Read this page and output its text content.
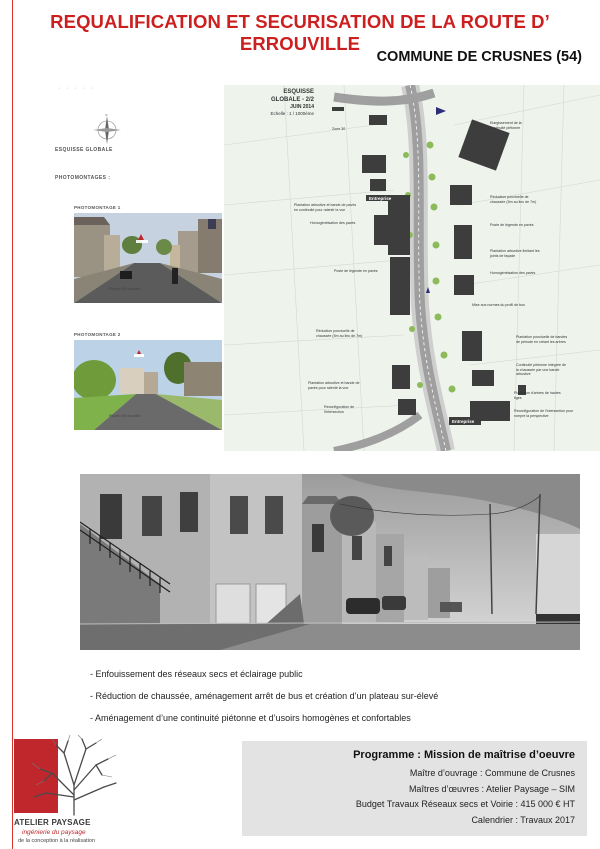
REQUALIFICATION ET SECURISATION DE LA ROUTE D’ ERROUVILLE
COMMUNE DE CRUSNES (54)
· · · · ·
N
ESQUISSE GLOBALE
PHOTOMONTAGES :
PHOTOMONTAGE 1
Route d'Errouville
PHOTOMONTAGE 2
Route d'Errouville
ESQUISSE GLOBALE - 2/2
JUIN 2014
Echelle : 1 / 1000ème
Entreprise
Entreprise
Elargissement de la continuité piétonne
Zone 30
Plantation arbustive et bande de pavés en continuité pour ralentir la vue
Homogénéisation des pavés
Réduction ponctuelle de chaussée (5m au lieu de 7m)
Poste de légende en pavés
Plantation arbustive limitant les joints de façade
Poste de légende en pavés	Homogénéisation des pavés
Mise aux normes du profil de bus
Réduction ponctuelle de chaussée (5m au lieu de 7m)	Plantation ponctuelle de bandes de période en créant les arbres
Continuité piétonne intégrée de la chaussée par une bande arbustive
Plantation arbustive et bande de pavés pour ralentir la vue
Reconfiguration de l'intersection
Plantation d'arbres de hautes tiges
Reconfiguration de l'intersection pour rompre la perspective
- Enfouissement des réseaux secs et éclairage public
- Réduction de chaussée, aménagement arrêt de bus et création d’un plateau sur-élevé
- Aménagement d’une continuité piétonne et d’usoirs homogènes et confortables
ATELIER PAYSAGE
ingénierie du paysage
de la conception à la réalisation
Programme : Mission de maîtrise d’oeuvre
Maître d’ouvrage : Commune de Crusnes
Maîtres d’œuvres : Atelier Paysage – SIM
Budget Travaux Réseaux secs et Voirie : 415 000 € HT
Calendrier : Travaux 2017
